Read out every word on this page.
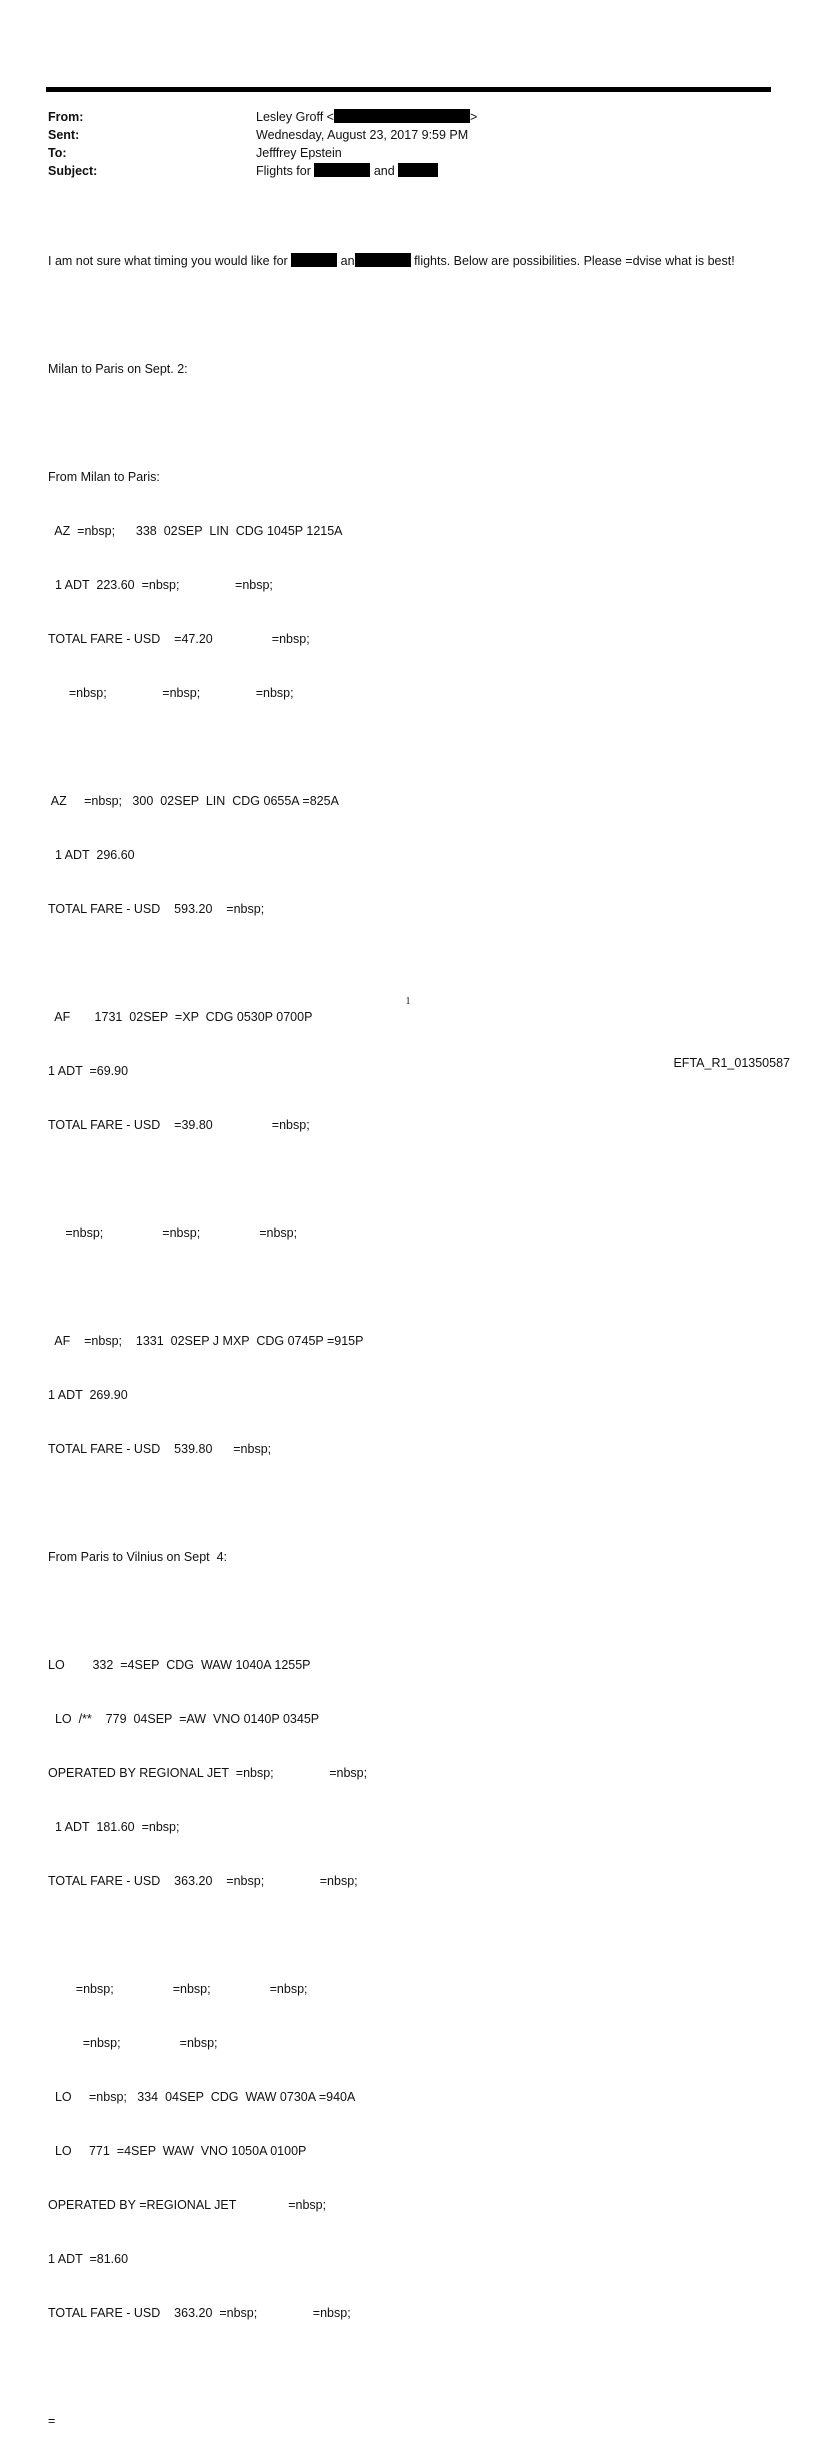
From:	Lesley Groff <	>
Sent:	Wednesday, August 23, 2017 9:59 PM
To:	Jefffrey Epstein
Subject:	Flights for	and

I am not sure what timing you would like for	an	flights. Below are possibilities. Please =dvise what is best!

Milan to Paris on Sept. 2:

From Milan to Paris:

AZ  =nbsp;      338  02SEP  LIN  CDG 1045P 1215A

1 ADT  223.60  =nbsp;                =nbsp;

TOTAL FARE - USD    =47.20                 =nbsp;

=nbsp;                =nbsp;                =nbsp;

AZ     =nbsp;   300  02SEP  LIN  CDG 0655A =825A

1 ADT  296.60

TOTAL FARE - USD    593.20    =nbsp;

AF       1731  02SEP  =XP  CDG 0530P 0700P

1 ADT  =69.90

TOTAL FARE - USD    =39.80                 =nbsp;

=nbsp;                 =nbsp;                 =nbsp;

AF    =nbsp;    1331  02SEP J MXP  CDG 0745P =915P

1 ADT  269.90

TOTAL FARE - USD    539.80      =nbsp;

From Paris to Vilnius on Sept  4:

LO        332  =4SEP  CDG  WAW 1040A 1255P

LO  /**    779  04SEP  =AW  VNO 0140P 0345P

OPERATED BY REGIONAL JET  =nbsp;                =nbsp;

1 ADT  181.60  =nbsp;

TOTAL FARE - USD    363.20    =nbsp;                =nbsp;

=nbsp;                 =nbsp;                 =nbsp;

=nbsp;                 =nbsp;

LO     =nbsp;   334  04SEP  CDG  WAW 0730A =940A

LO     771  =4SEP  WAW  VNO 1050A 0100P

OPERATED BY =REGIONAL JET               =nbsp;

1 ADT  =81.60

TOTAL FARE - USD    363.20  =nbsp;                =nbsp;

=

1
EFTA_R1_01350587
